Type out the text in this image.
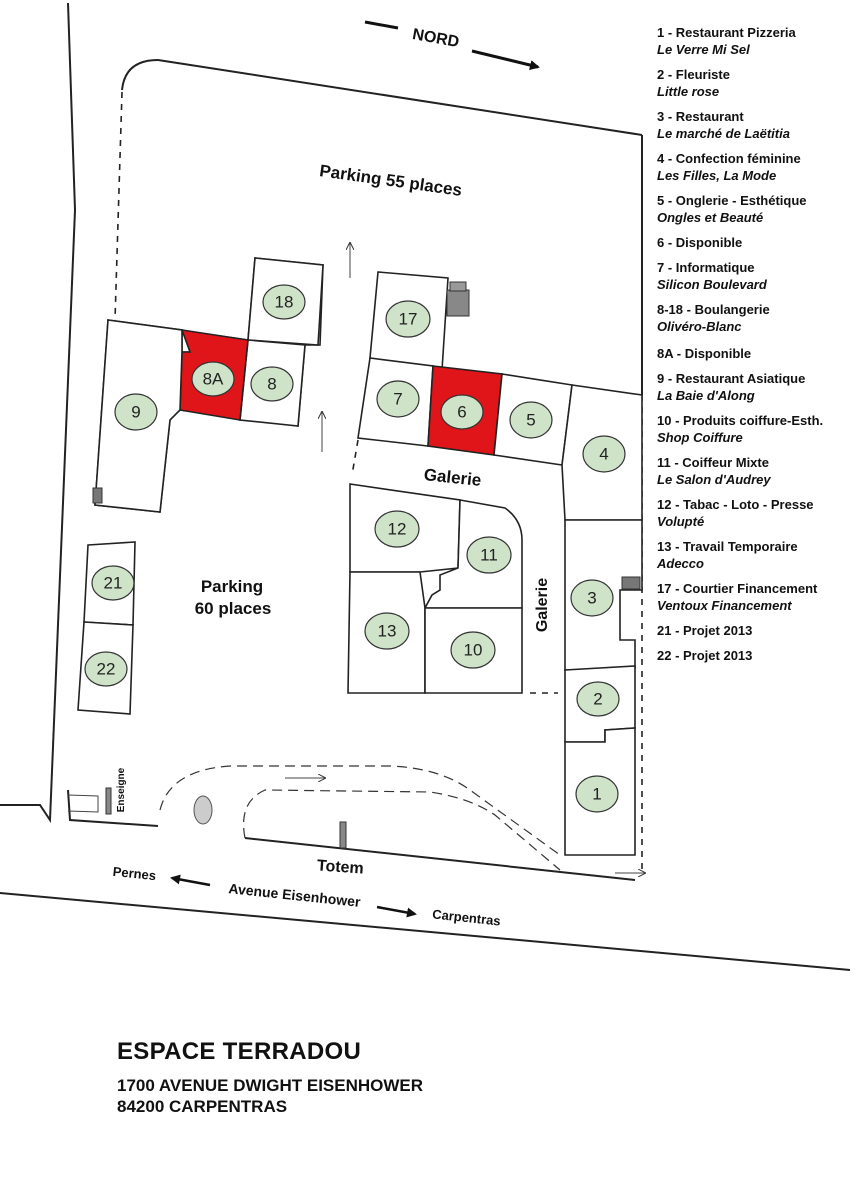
NORD
Parking 55 places
Parking
60 places
18
8A	8
9
17
7
6	5
4
12
11
13
10
3
2
1
21
22
Galerie
Galerie
Enseigne
Totem
Pernes
Avenue Eisenhower
Carpentras
1 - Restaurant Pizzeria
Le Verre Mi Sel
2 - Fleuriste
Little rose
3 - Restaurant
Le marché de Laëtitia
4 - Confection féminine
Les Filles, La Mode
5 - Onglerie - Esthétique
Ongles et Beauté
6 - Disponible
7 - Informatique
Silicon Boulevard
8-18 - Boulangerie
Olivéro-Blanc
8A - Disponible
9 - Restaurant Asiatique
La Baie d'Along
10 - Produits coiffure-Esth.
Shop Coiffure
11 - Coiffeur Mixte
Le Salon d'Audrey
12 - Tabac - Loto - Presse
Volupté
13 - Travail Temporaire
Adecco
17 - Courtier Financement
Ventoux Financement
21 - Projet 2013
22 - Projet 2013
ESPACE TERRADOU
1700 AVENUE DWIGHT EISENHOWER
84200 CARPENTRAS
